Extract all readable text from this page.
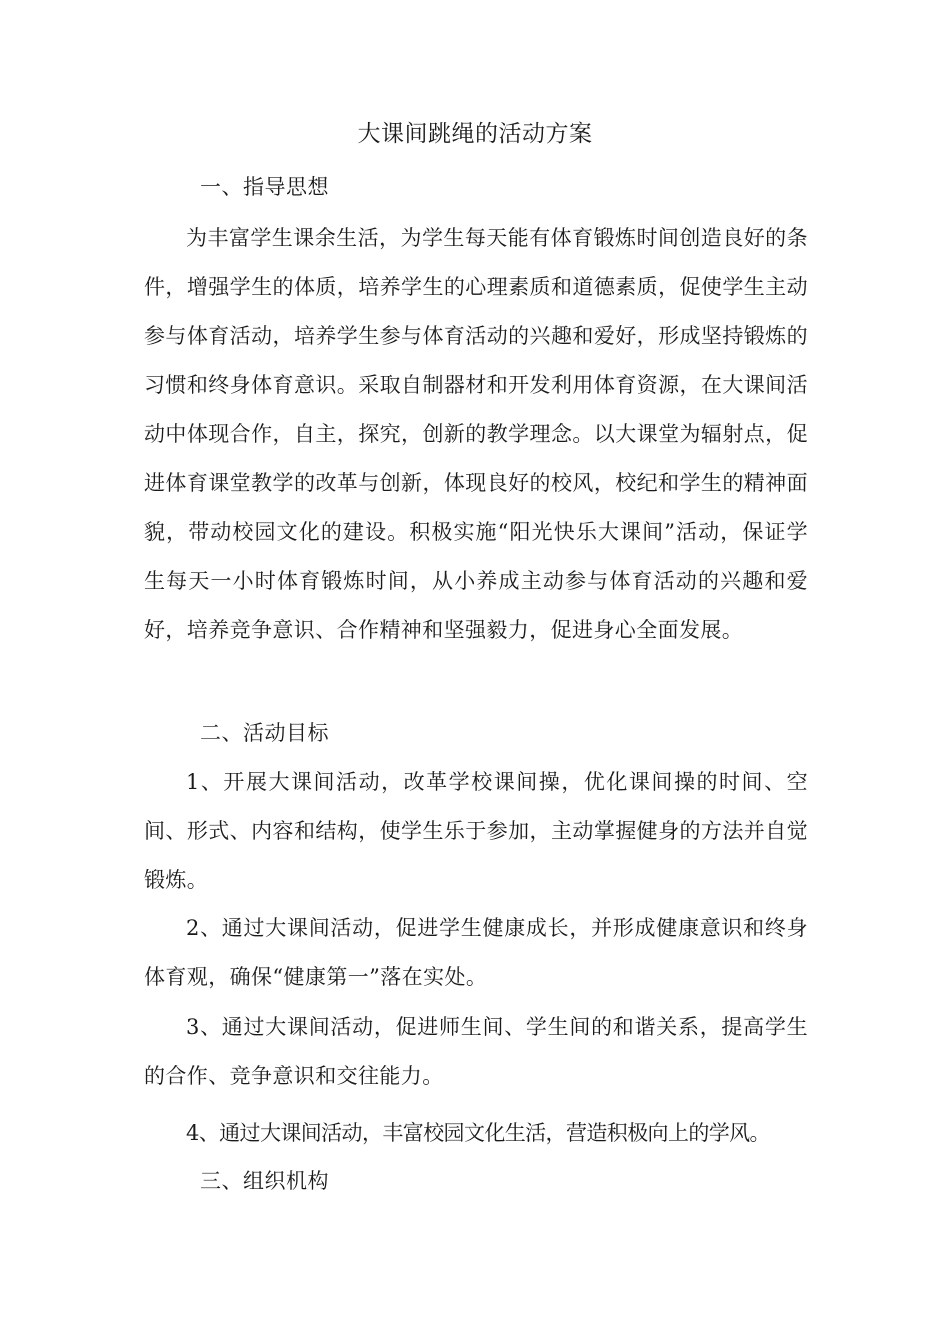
大课间跳绳的活动方案
一、指导思想
为丰富学生课余生活，为学生每天能有体育锻炼时间创造良好的条件，增强学生的体质，培养学生的心理素质和道德素质，促使学生主动参与体育活动，培养学生参与体育活动的兴趣和爱好，形成坚持锻炼的习惯和终身体育意识。采取自制器材和开发利用体育资源，在大课间活动中体现合作，自主，探究，创新的教学理念。以大课堂为辐射点，促进体育课堂教学的改革与创新，体现良好的校风，校纪和学生的精神面貌，带动校园文化的建设。积极实施“阳光快乐大课间”活动，保证学生每天一小时体育锻炼时间，从小养成主动参与体育活动的兴趣和爱好，培养竞争意识、合作精神和坚强毅力，促进身心全面发展。
二、活动目标
1、开展大课间活动，改革学校课间操，优化课间操的时间、空间、形式、内容和结构，使学生乐于参加，主动掌握健身的方法并自觉锻炼。
2、通过大课间活动，促进学生健康成长，并形成健康意识和终身体育观，确保“健康第一”落在实处。
3、通过大课间活动，促进师生间、学生间的和谐关系，提高学生的合作、竞争意识和交往能力。
4、通过大课间活动，丰富校园文化生活，营造积极向上的学风。
三、组织机构
